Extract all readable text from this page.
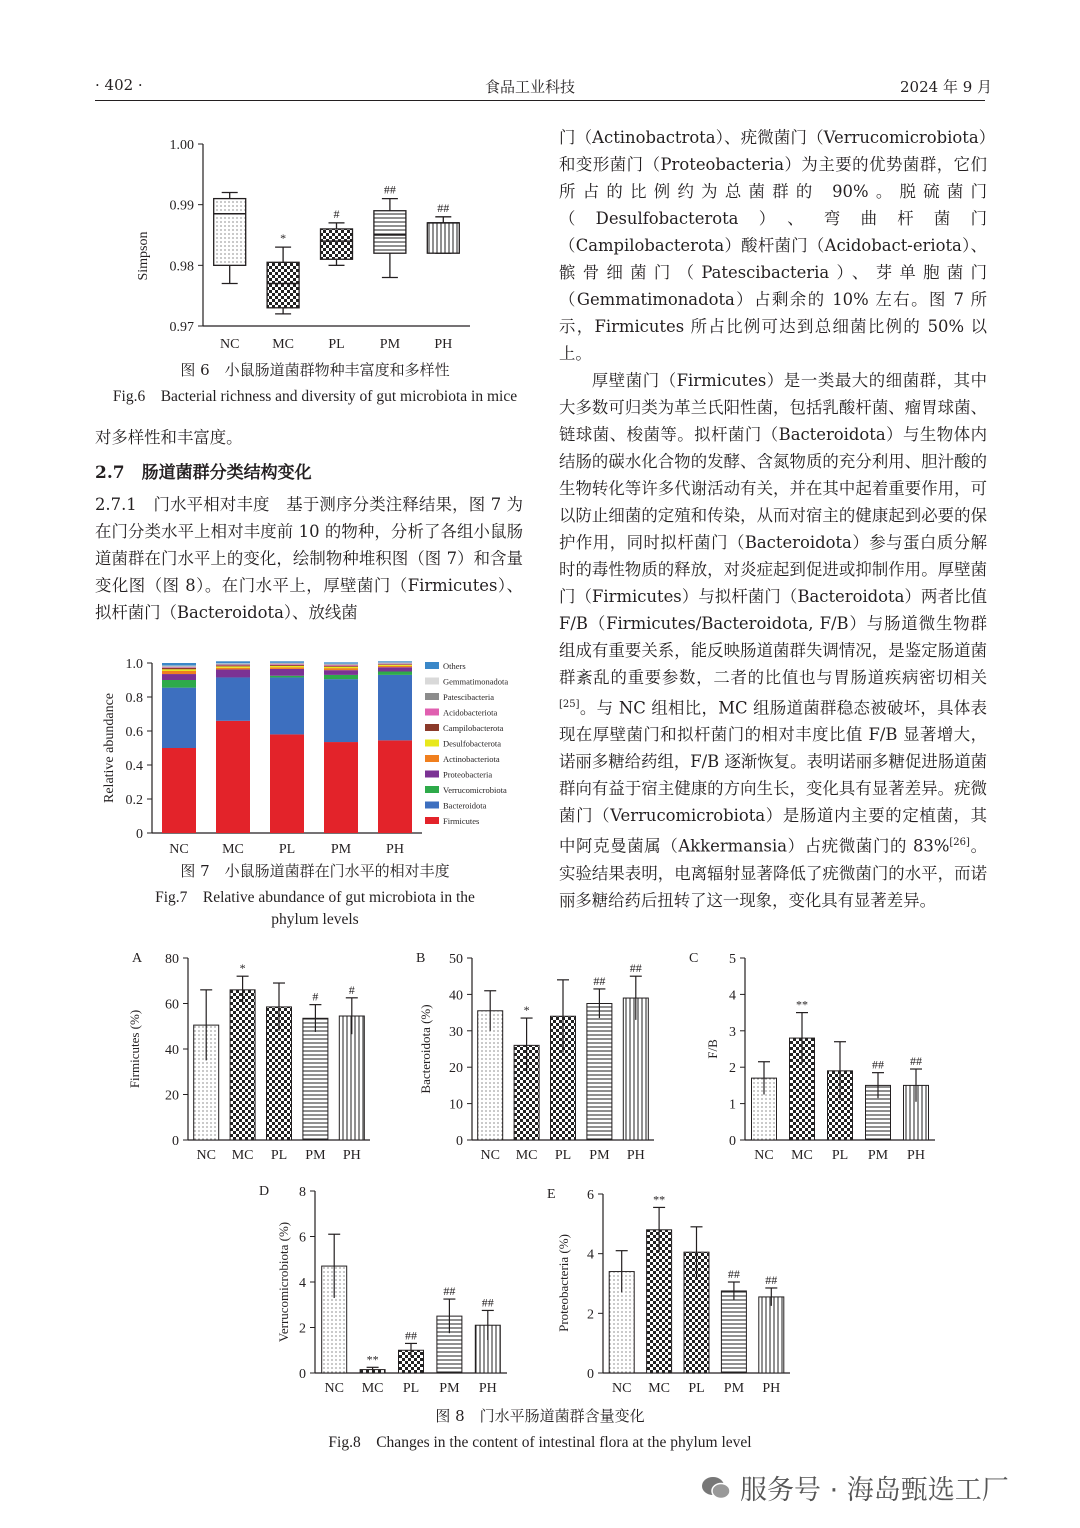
· 402 ·	食品工业科技	2024 年 9 月
1.00
0.99
0.98
0.97
NC
*
MC
#
PL
##
PM
##
PH
Simpson
图 6　小鼠肠道菌群物种丰富度和多样性
Fig.6　Bacterial richness and diversity of gut microbiota in mice
对多样性和丰富度。
2.7　肠道菌群分类结构变化
2.7.1　门水平相对丰度　基于测序分类注释结果，图 7 为在门分类水平上相对丰度前 10 的物种，分析了各组小鼠肠道菌群在门水平上的变化，绘制物种堆积图（图 7）和含量变化图（图 8）。在门水平上，厚壁菌门（Firmicutes）、拟杆菌门（Bacteroidota）、放线菌
1.0
0.8
0.6
0.4
0.2
0
NC MC PL	PM PH
Others
Gemmatimonadota
Patescibacteria
Acidobacteriota
Campilobacterota
Desulfobacterota
Actinobacteriota
Proteobacteria
Verrucomicrobiota
Bacteroidota
Firmicutes
Relative abundance
图 7　小鼠肠道菌群在门水平的相对丰度
Fig.7　Relative abundance of gut microbiota in the
phylum levels

门（Actinobactrota）、疣微菌门（Verrucomicrobiota）和变形菌门（Proteobacteria）为主要的优势菌群，它们所占的比例约为总菌群的 90%。脱硫菌门（Desulfobacterota）、弯曲杆菌门（Campilobacterota）酸杆菌门（Acidobact-eriota）、髌骨细菌门（Patescibacteria）、芽单胞菌门（Gemmatimonadota）占剩余的 10% 左右。图 7 所示，Firmicutes 所占比例可达到总细菌比例的 50% 以上。

厚壁菌门（Firmicutes）是一类最大的细菌群，其中大多数可归类为革兰氏阳性菌，包括乳酸杆菌、瘤胃球菌、链球菌、梭菌等。拟杆菌门（Bacteroidota）与生物体内结肠的碳水化合物的发酵、含氮物质的充分利用、胆汁酸的生物转化等许多代谢活动有关，并在其中起着重要作用，可以防止细菌的定殖和传染，从而对宿主的健康起到必要的保护作用，同时拟杆菌门（Bacteroidota）参与蛋白质分解时的毒性物质的释放，对炎症起到促进或抑制作用。厚壁菌门（Firmicutes）与拟杆菌门（Bacteroidota）两者比值 F/B（Firmicutes/Bacteroidota, F/B）与肠道微生物群组成有重要关系，能反映肠道菌群失调情况，是鉴定肠道菌群紊乱的重要参数，二者的比值也与胃肠道疾病密切相关[25]。与 NC 组相比，MC 组肠道菌群稳态被破坏，具体表现在厚壁菌门和拟杆菌门的相对丰度比值 F/B 显著增大，诺丽多糖给药组，F/B 逐渐恢复。表明诺丽多糖促进肠道菌群向有益于宿主健康的方向生长，变化具有显著差异。疣微菌门（Verrucomicrobiota）是肠道内主要的定植菌，其中阿克曼菌属（Akkermansia）占疣微菌门的 83%[26]。实验结果表明，电离辐射显著降低了疣微菌门的水平，而诺丽多糖给药后扭转了这一现象，变化具有显著差异。

A 80
60
40
20
0
Firmicutes (%)
NC
*
MC PL
#
PM
#
PH
B 50
40
30
20
10
0
Bacteroidota (%)
NC
*
MC PL
##
PM
##
PH
C 5
4
3
2
1
0
F/B
NC
**
MC PL
##
PM
##
PH
D 8
6
4
2
0
Verrucomicrobiota (%)
NC
**
MC
##
PL
##
PM
##
PH
E 6
4
2
0
Proteobacteria (%)
NC
**
MC PL
##
PM
##
PH
图 8　门水平肠道菌群含量变化
Fig.8　Changes in the content of intestinal flora at the phylum level
服务号 · 海岛甄选工厂
